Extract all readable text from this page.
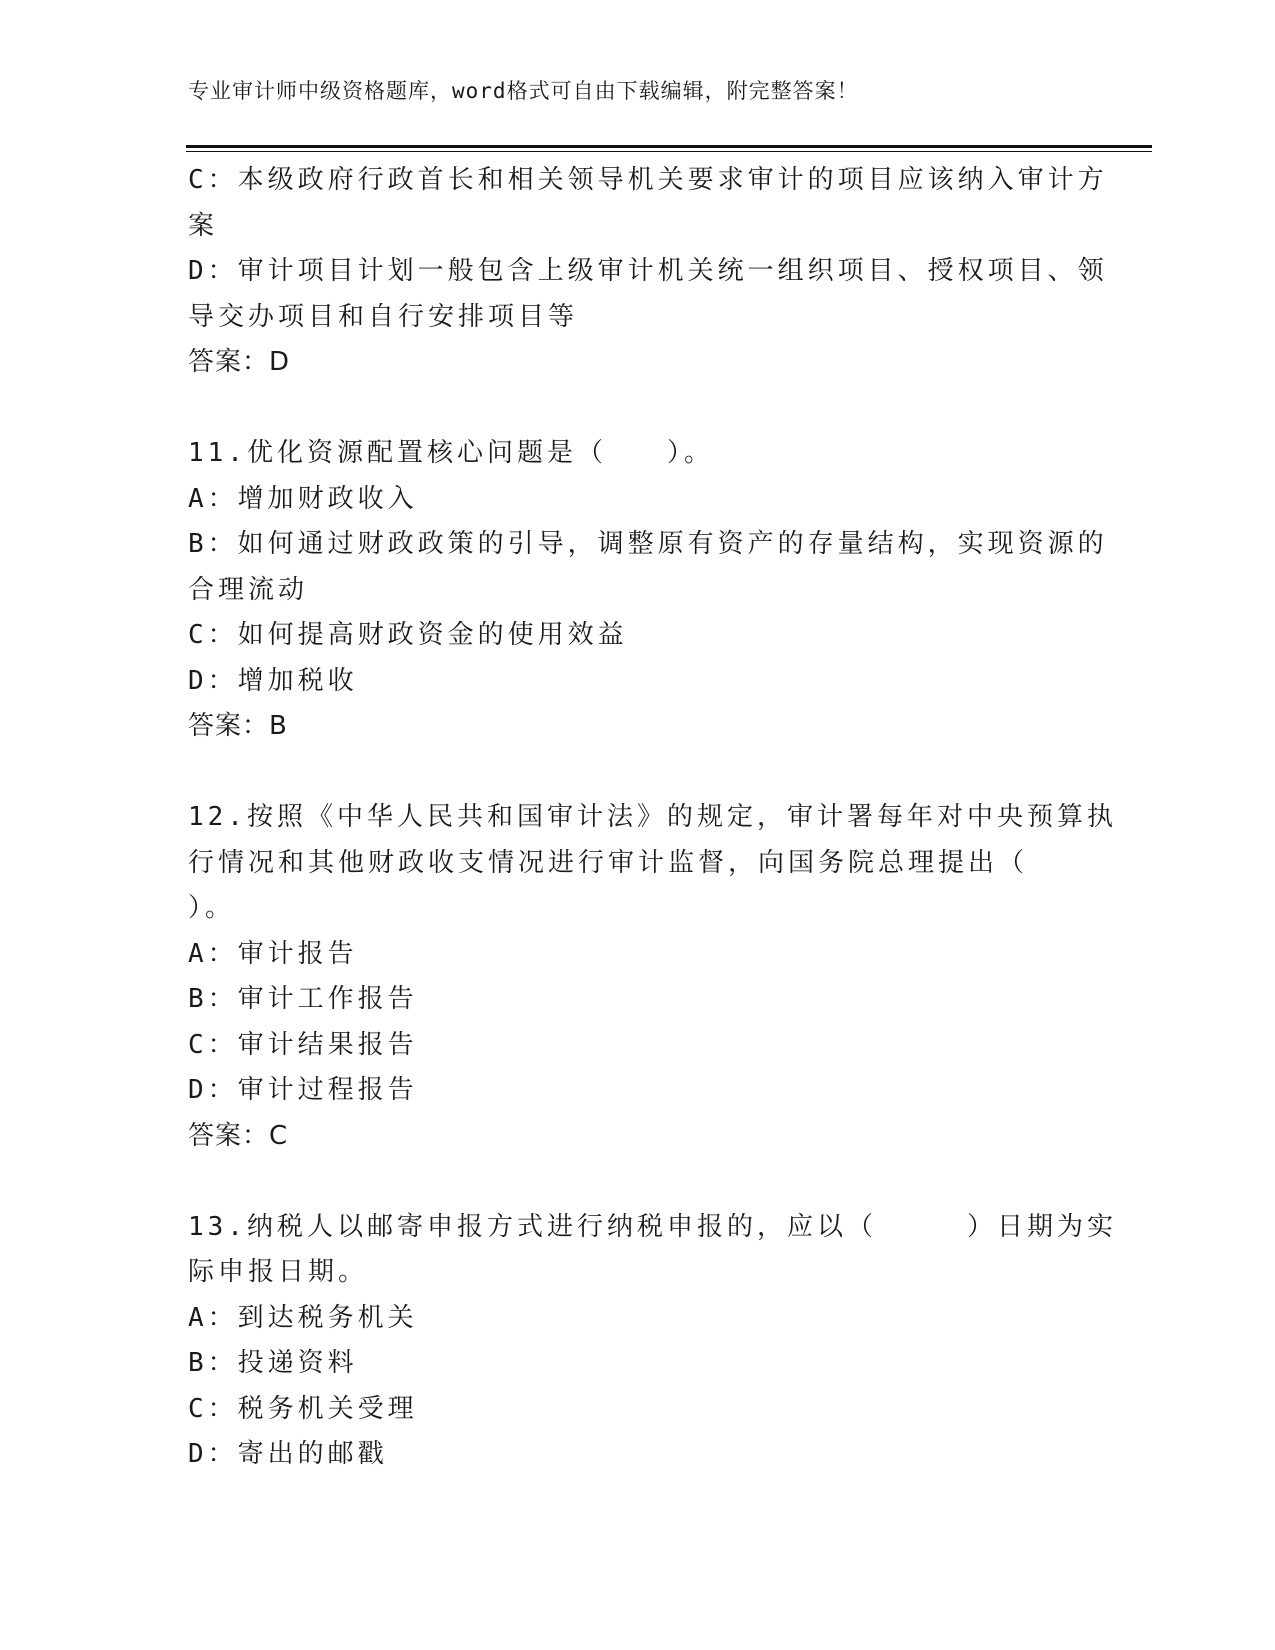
专业审计师中级资格题库，word格式可自由下载编辑，附完整答案！
C：本级政府行政首长和相关领导机关要求审计的项目应该纳入审计方
案
D：审计项目计划一般包含上级审计机关统一组织项目、授权项目、领
导交办项目和自行安排项目等
答案：D
11.优化资源配置核心问题是（　　）。
A：增加财政收入
B：如何通过财政政策的引导，调整原有资产的存量结构，实现资源的
合理流动
C：如何提高财政资金的使用效益
D：增加税收
答案：B
12.按照《中华人民共和国审计法》的规定，审计署每年对中央预算执
行情况和其他财政收支情况进行审计监督，向国务院总理提出（
）。
A：审计报告
B：审计工作报告
C：审计结果报告
D：审计过程报告
答案：C
13.纳税人以邮寄申报方式进行纳税申报的，应以（　　　）日期为实
际申报日期。
A：到达税务机关
B：投递资料
C：税务机关受理
D：寄出的邮戳
